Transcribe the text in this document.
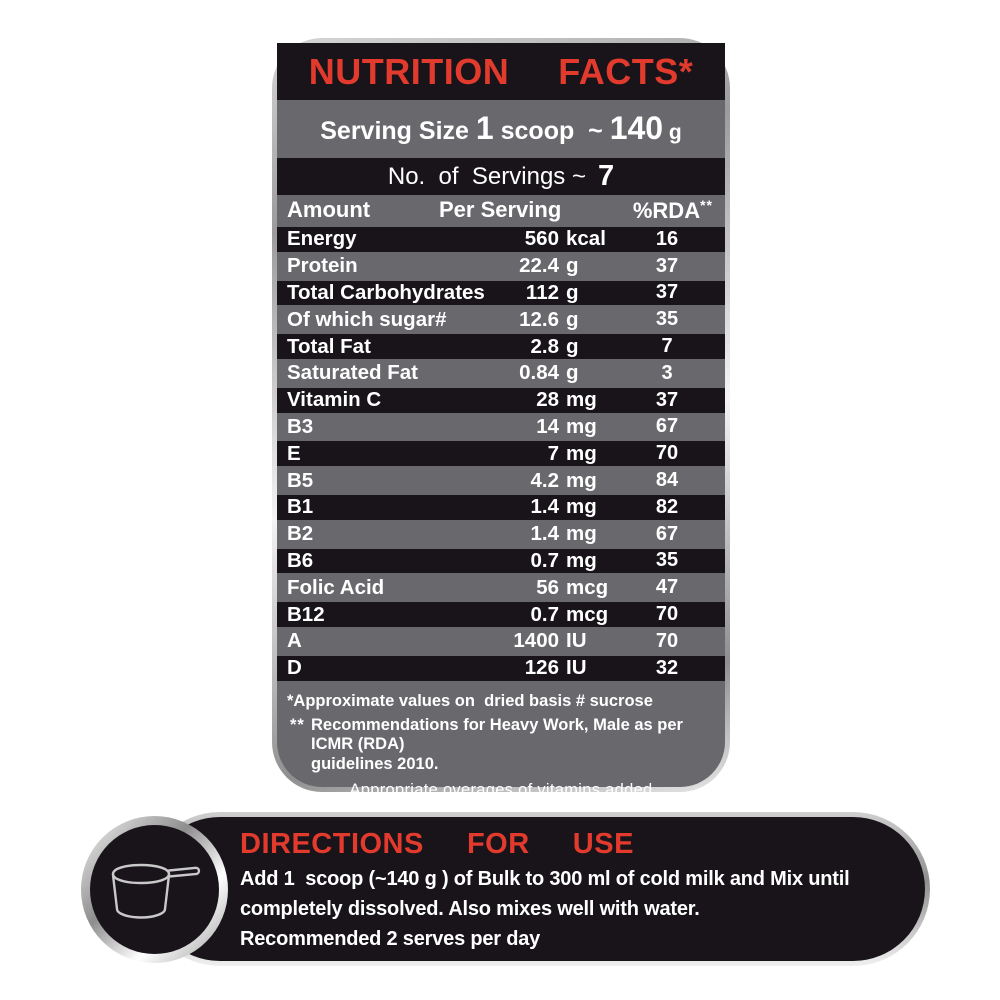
NUTRITION  FACTS*
Serving Size 1 scoop ~ 140 g
No.  of  Servings ~ 7
Amount	Per Serving	%RDA**
Energy	560 kcal	16
Protein	22.4 g	37
Total Carbohydrates	112 g	37
Of which sugar#	12.6 g	35
Total Fat	2.8 g	7
Saturated Fat	0.84 g	3
Vitamin C	28 mg	37
B3	14 mg	67
E	7 mg	70
B5	4.2 mg	84
B1	1.4 mg	82
B2	1.4 mg	67
B6	0.7 mg	35
Folic Acid	56 mcg	47
B12	0.7 mcg	70
A	1400 IU	70
D	126 IU	32
*Approximate values on  dried basis # sucrose
** Recommendations for Heavy Work, Male as per ICMR (RDA)
guidelines 2010.
Appropriate overages of vitamins added
DIRECTIONS  FOR  USE
Add 1  scoop (~140 g ) of Bulk to 300 ml of cold milk and Mix until
completely dissolved. Also mixes well with water.
Recommended 2 serves per day
